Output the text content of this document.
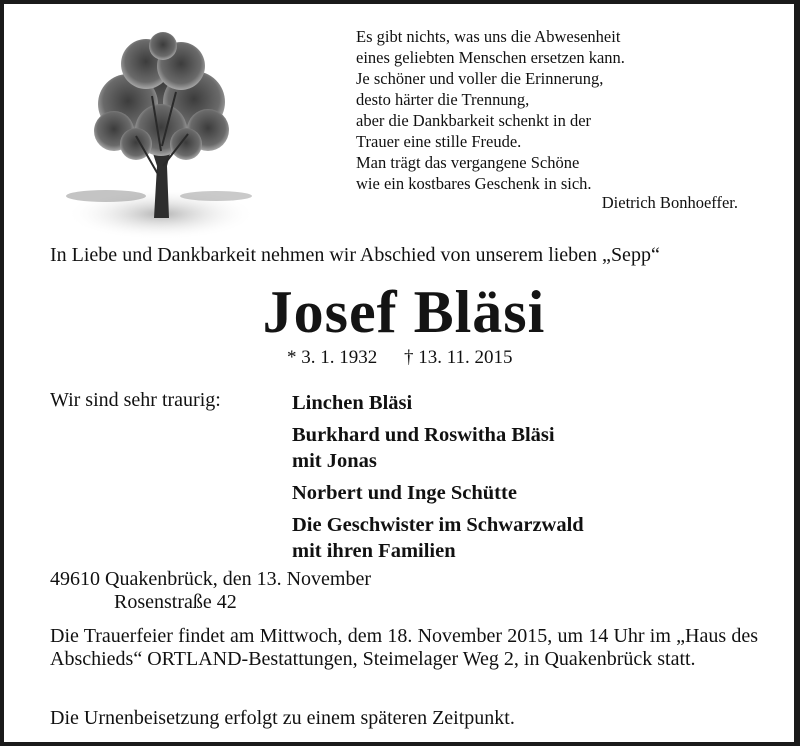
Es gibt nichts, was uns die Abwesenheit
eines geliebten Menschen ersetzen kann.
Je schöner und voller die Erinnerung,
desto härter die Trennung,
aber die Dankbarkeit schenkt in der
Trauer eine stille Freude.
Man trägt das vergangene Schöne
wie ein kostbares Geschenk in sich.
Dietrich Bonhoeffer.
In Liebe und Dankbarkeit nehmen wir Abschied von unserem lieben „Sepp“
Josef Bläsi
* 3. 1. 1932 † 13. 11. 2015
Wir sind sehr traurig:	Linchen Bläsi
Burkhard und Roswitha Bläsi
mit Jonas
Norbert und Inge Schütte
Die Geschwister im Schwarzwald
mit ihren Familien
49610 Quakenbrück, den 13. November
Rosenstraße 42
Die Trauerfeier findet am Mittwoch, dem 18. November 2015, um 14 Uhr im „Haus des Abschieds“ ORTLAND-Bestattungen, Steimelager Weg 2, in Quakenbrück statt.
Die Urnenbeisetzung erfolgt zu einem späteren Zeitpunkt.
